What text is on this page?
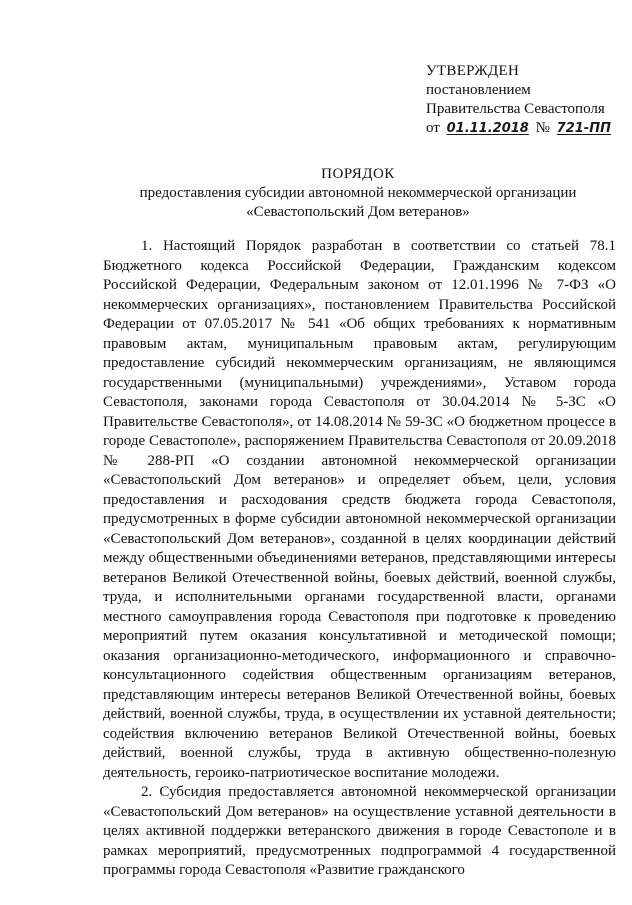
УТВЕРЖДЕН
постановлением
Правительства Севастополя
от 01.11.2018 № 721-ПП
ПОРЯДОК
предоставления субсидии автономной некоммерческой организации
«Севастопольский Дом ветеранов»

1. Настоящий Порядок разработан в соответствии со статьей 78.1 Бюджетного кодекса Российской Федерации, Гражданским кодексом Российской Федерации, Федеральным законом от 12.01.1996 № 7-ФЗ «О некоммерческих организациях», постановлением Правительства Российской Федерации от 07.05.2017 № 541 «Об общих требованиях к нормативным правовым актам, муниципальным правовым актам, регулирующим предоставление субсидий некоммерческим организациям, не являющимся государственными (муниципальными) учреждениями», Уставом города Севастополя, законами города Севастополя от 30.04.2014 № 5-ЗС «О Правительстве Севастополя», от 14.08.2014 № 59-ЗС «О бюджетном процессе в городе Севастополе», распоряжением Правительства Севастополя от 20.09.2018 № 288-РП «О создании автономной некоммерческой организации «Севастопольский Дом ветеранов» и определяет объем, цели, условия предоставления и расходования средств бюджета города Севастополя, предусмотренных в форме субсидии автономной некоммерческой организации «Севастопольский Дом ветеранов», созданной в целях координации действий между общественными объединениями ветеранов, представляющими интересы ветеранов Великой Отечественной войны, боевых действий, военной службы, труда, и исполнительными органами государственной власти, органами местного самоуправления города Севастополя при подготовке к проведению мероприятий путем оказания консультативной и методической помощи; оказания организационно-методического, информационного и справочно-консультационного содействия общественным организациям ветеранов, представляющим интересы ветеранов Великой Отечественной войны, боевых действий, военной службы, труда, в осуществлении их уставной деятельности; содействия включению ветеранов Великой Отечественной войны, боевых действий, военной службы, труда в активную общественно-полезную деятельность, героико-патриотическое воспитание молодежи.

2. Субсидия предоставляется автономной некоммерческой организации «Севастопольский Дом ветеранов» на осуществление уставной деятельности в целях активной поддержки ветеранского движения в городе Севастополе и в рамках мероприятий, предусмотренных подпрограммой 4 государственной программы города Севастополя «Развитие гражданского
